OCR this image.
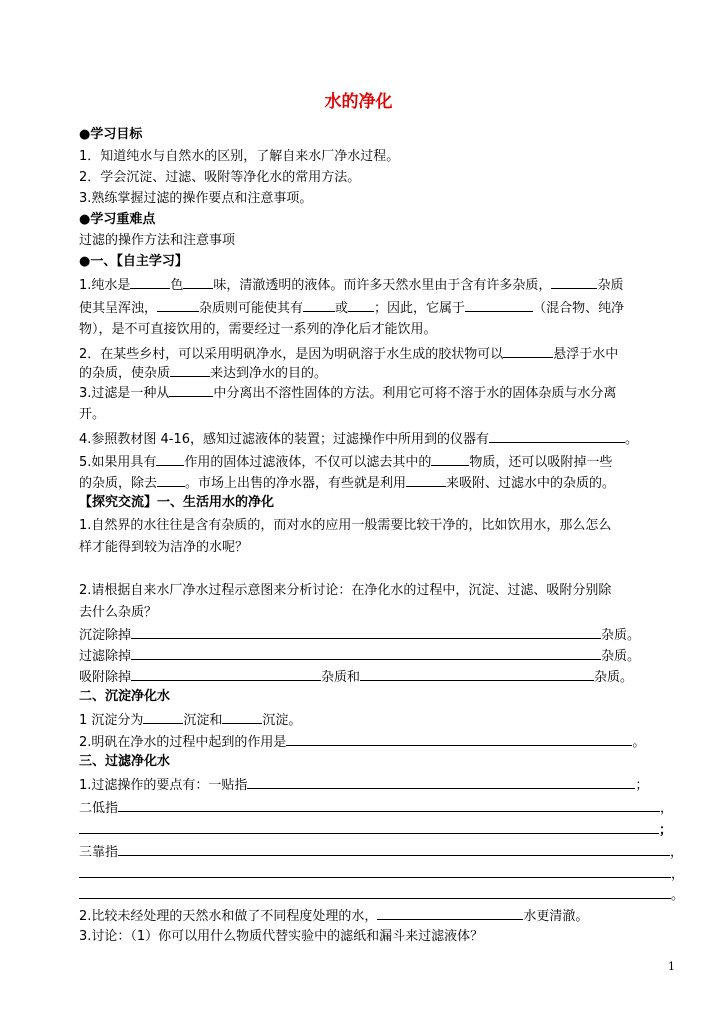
水的净化
●学习目标
1．知道纯水与自然水的区别，了解自来水厂净水过程。
2．学会沉淀、过滤、吸附等净化水的常用方法。
3.熟练掌握过滤的操作要点和注意事项。
●学习重难点
过滤的操作方法和注意事项
●一、【自主学习】
1.纯水是	色 味，清澈透明的液体。而许多天然水里由于含有许多杂质，	杂质
使其呈浑浊，	杂质则可能使其有 或 ；因此，它属于	（混合物、纯净
物），是不可直接饮用的，需要经过一系列的净化后才能饮用。
2．在某些乡村，可以采用明矾净水，是因为明矾溶于水生成的胶状物可以	悬浮于水中
的杂质，使杂质	来达到净水的目的。
3.过滤是一种从	中分离出不溶性固体的方法。利用它可将不溶于水的固体杂质与水分离
开。
4.参照教材图 4-16，感知过滤液体的装置；过滤操作中所用到的仪器有	。
5.如果用具有 作用的固体过滤液体，不仅可以滤去其中的	物质，还可以吸附掉一些
的杂质，除去 。市场上出售的净水器，有些就是利用	来吸附、过滤水中的杂质的。
【探究交流】一、生活用水的净化
1.自然界的水往往是含有杂质的，而对水的应用一般需要比较干净的，比如饮用水，那么怎么
样才能得到较为洁净的水呢？
2.请根据自来水厂净水过程示意图来分析讨论：在净化水的过程中，沉淀、过滤、吸附分别除
去什么杂质？
沉淀除掉	杂质。
过滤除掉	杂质。
吸附除掉	杂质和	杂质。
二、沉淀净化水
1 沉淀分为	沉淀和	沉淀。
2.明矾在净水的过程中起到的作用是	。
三、过滤净化水
1.过滤操作的要点有：一贴指	；
二低指	，
；
三靠指	，
，
。
2.比较未经处理的天然水和做了不同程度处理的水，	水更清澈。
3.讨论：（1）你可以用什么物质代替实验中的滤纸和漏斗来过滤液体？
1
